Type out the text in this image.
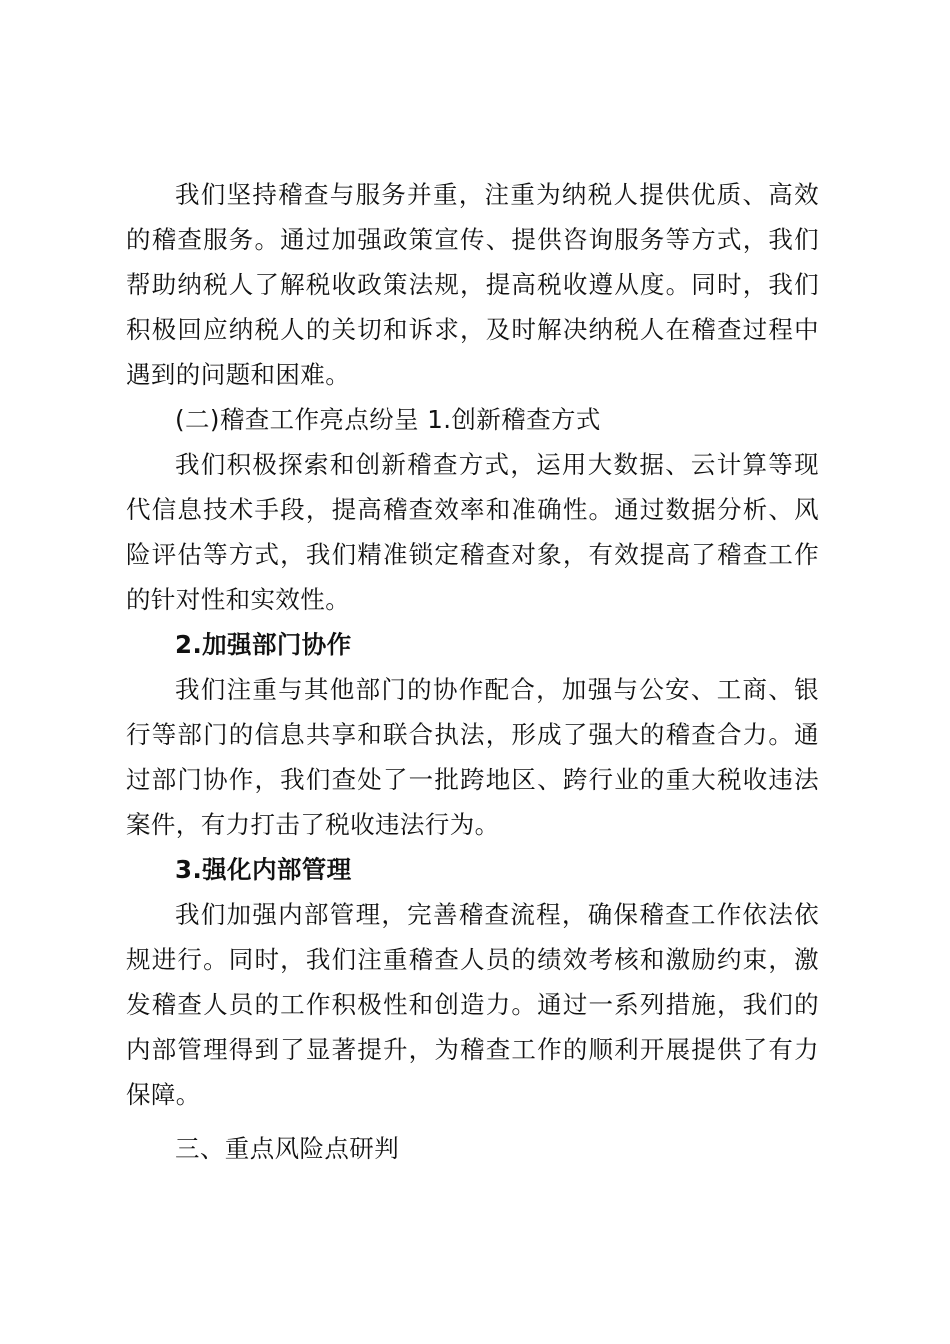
我们坚持稽查与服务并重，注重为纳税人提供优质、高效的稽查服务。通过加强政策宣传、提供咨询服务等方式，我们帮助纳税人了解税收政策法规，提高税收遵从度。同时，我们积极回应纳税人的关切和诉求，及时解决纳税人在稽查过程中遇到的问题和困难。

(二)稽查工作亮点纷呈 1.创新稽查方式

我们积极探索和创新稽查方式，运用大数据、云计算等现代信息技术手段，提高稽查效率和准确性。通过数据分析、风险评估等方式，我们精准锁定稽查对象，有效提高了稽查工作的针对性和实效性。

2.加强部门协作

我们注重与其他部门的协作配合，加强与公安、工商、银行等部门的信息共享和联合执法，形成了强大的稽查合力。通过部门协作，我们查处了一批跨地区、跨行业的重大税收违法案件，有力打击了税收违法行为。

3.强化内部管理

我们加强内部管理，完善稽查流程，确保稽查工作依法依规进行。同时，我们注重稽查人员的绩效考核和激励约束，激发稽查人员的工作积极性和创造力。通过一系列措施，我们的内部管理得到了显著提升，为稽查工作的顺利开展提供了有力保障。

三、重点风险点研判
